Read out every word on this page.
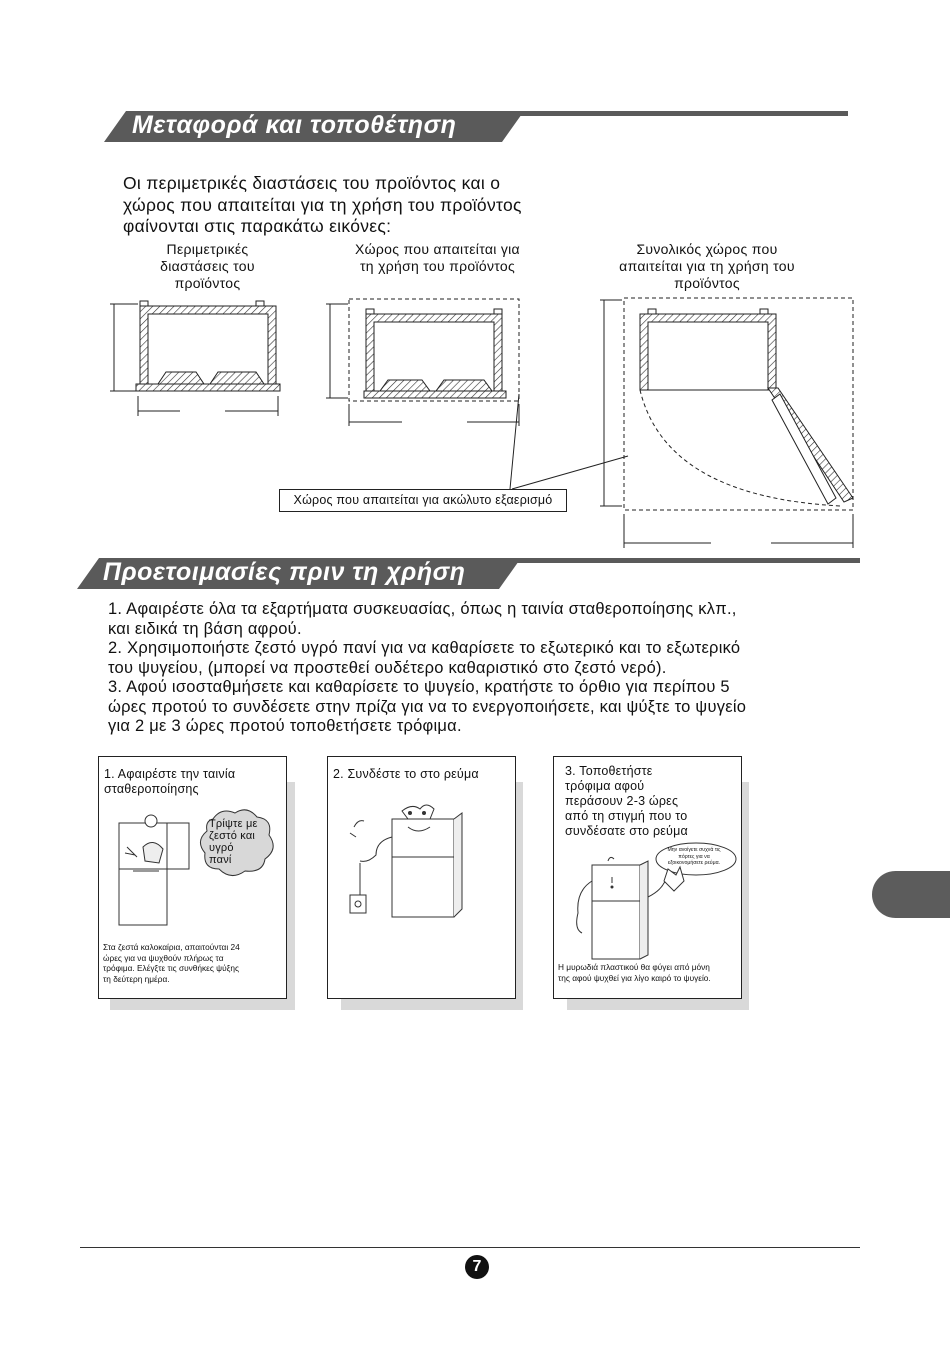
Μεταφορά και τοποθέτηση
Οι περιμετρικές διαστάσεις του προϊόντος και ο
χώρος που απαιτείται για τη χρήση του προϊόντος
φαίνονται στις παρακάτω εικόνες:
Περιμετρικές
διαστάσεις του
προϊόντος
Χώρος που απαιτείται για
τη χρήση του προϊόντος
Συνολικός χώρος που
απαιτείται για τη χρήση του
προϊόντος
Χώρος που απαιτείται για ακώλυτο εξαερισμό
Προετοιμασίες πριν τη χρήση
1. Αφαιρέστε όλα τα εξαρτήματα συσκευασίας, όπως η ταινία σταθεροποίησης κλπ.,
και ειδικά τη βάση αφρού.
2. Χρησιμοποιήστε ζεστό υγρό πανί για να καθαρίσετε το εξωτερικό και το εξωτερικό
του ψυγείου, (μπορεί να προστεθεί ουδέτερο καθαριστικό στο ζεστό νερό).
3. Αφού ισοσταθμήσετε και καθαρίσετε το ψυγείο, κρατήστε το όρθιο για περίπου 5
ώρες προτού το συνδέσετε στην πρίζα για να το ενεργοποιήσετε, και ψύξτε το ψυγείο
για 2 με 3 ώρες προτού τοποθετήσετε τρόφιμα.
1. Αφαιρέστε την ταινία
σταθεροποίησης
Τρίψτε με
ζεστό και
υγρό
πανί
Στα ζεστά καλοκαίρια, απαιτούνται 24
ώρες για να ψυχθούν πλήρως τα
τρόφιμα. Ελέγξτε τις συνθήκες ψύξης
τη δεύτερη ημέρα.
2. Συνδέστε το στο ρεύμα	3. Τοποθετήστε
τρόφιμα αφού
περάσουν 2-3 ώρες
από τη στιγμή που το
συνδέσατε στο ρεύμα
Μην ανοίγετε συχνά τις
πόρτες για να
εξοικονομήσετε ρεύμα.
Η μυρωδιά πλαστικού θα φύγει από μόνη
της αφού ψυχθεί για λίγο καιρό το ψυγείο.
7
